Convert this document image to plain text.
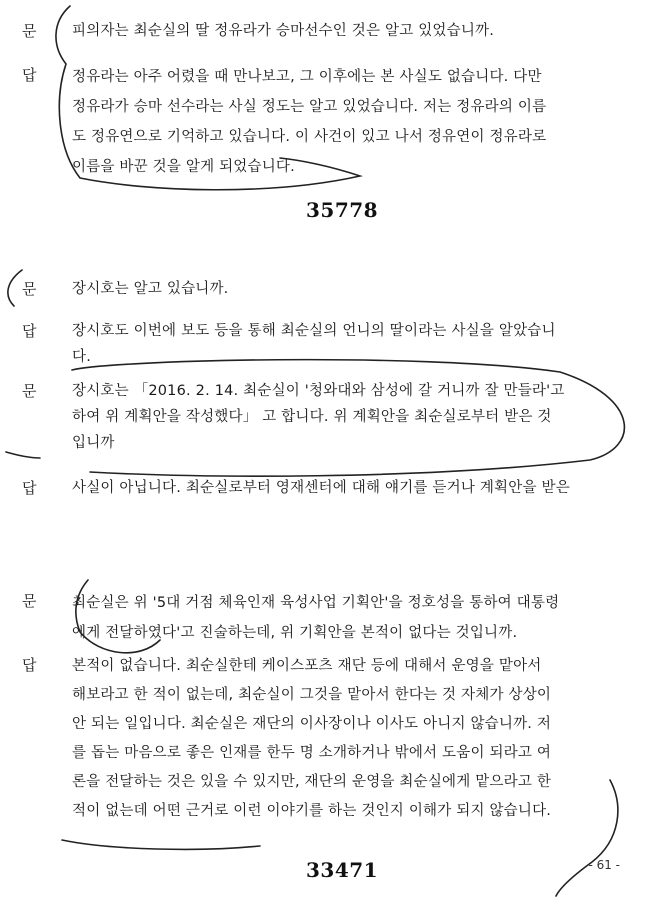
문	피의자는 최순실의 딸 정유라가 승마선수인 것은 알고 있었습니까.
답	정유라는 아주 어렸을 때 만나보고, 그 이후에는 본 사실도 없습니다. 다만
정유라가 승마 선수라는 사실 정도는 알고 있었습니다. 저는 정유라의 이름
도 정유연으로 기억하고 있습니다. 이 사건이 있고 나서 정유연이 정유라로
이름을 바꾼 것을 알게 되었습니다.
35778
문	장시호는 알고 있습니까.
답	장시호도 이번에 보도 등을 통해 최순실의 언니의 딸이라는 사실을 알았습니
다.
문	장시호는 「2016. 2. 14. 최순실이 '청와대와 삼성에 갈 거니까 잘 만들라'고
하여 위 계획안을 작성했다」 고 합니다. 위 계획안을 최순실로부터 받은 것
입니까
답	사실이 아닙니다. 최순실로부터 영재센터에 대해 얘기를 듣거나 계획안을 받은
문	최순실은 위 '5대 거점 체육인재 육성사업 기획안'을 정호성을 통하여 대통령
에게 전달하였다'고 진술하는데, 위 기획안을 본적이 없다는 것입니까.
답	본적이 없습니다. 최순실한테 케이스포츠 재단 등에 대해서 운영을 맡아서
해보라고 한 적이 없는데, 최순실이 그것을 맡아서 한다는 것 자체가 상상이
안 되는 일입니다. 최순실은 재단의 이사장이나 이사도 아니지 않습니까. 저
를 돕는 마음으로 좋은 인재를 한두 명 소개하거나 밖에서 도움이 되라고 여
론을 전달하는 것은 있을 수 있지만, 재단의 운영을 최순실에게 맡으라고 한
적이 없는데 어떤 근거로 이런 이야기를 하는 것인지 이해가 되지 않습니다.
33471	- 61 -
